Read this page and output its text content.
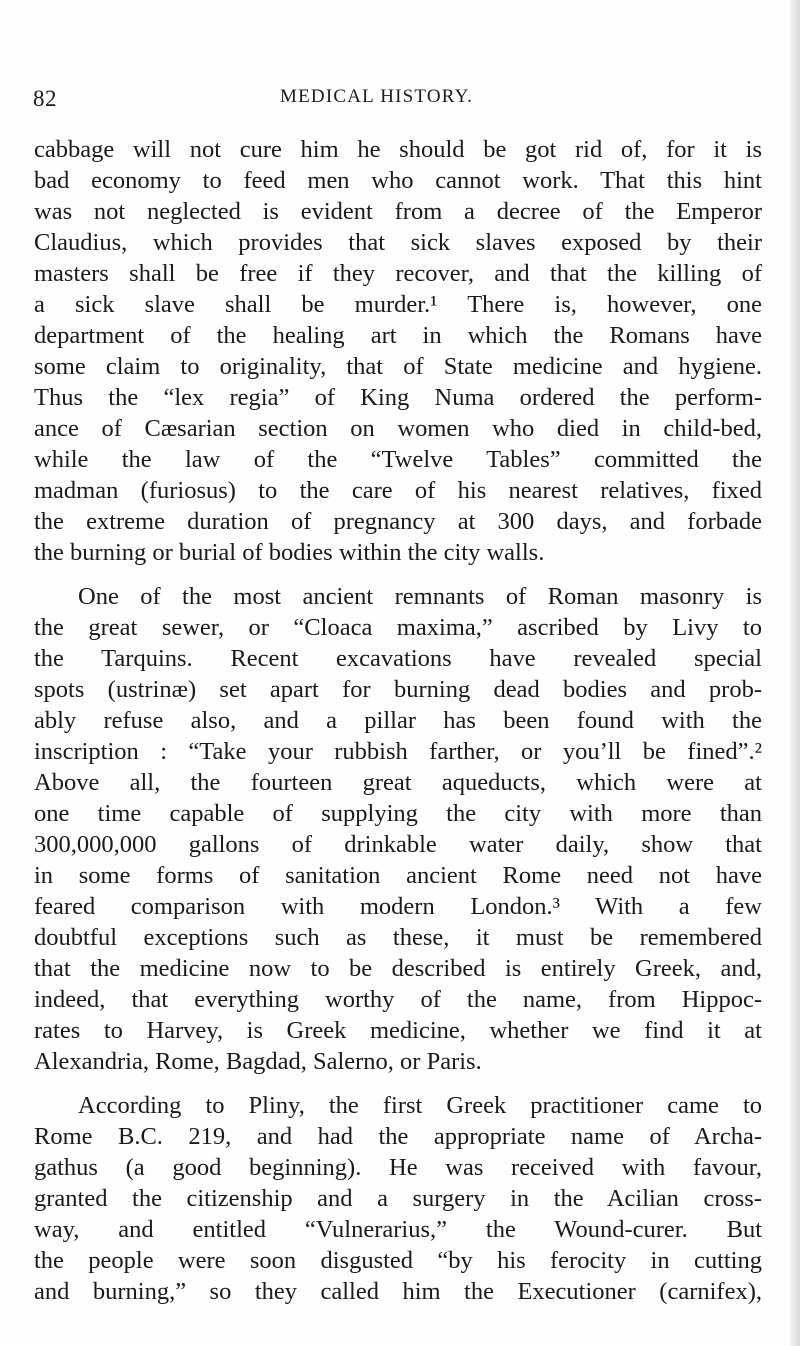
82	MEDICAL HISTORY.
cabbage will not cure him he should be got rid of, for it is
bad economy to feed men who cannot work. That this hint
was not neglected is evident from a decree of the Emperor
Claudius, which provides that sick slaves exposed by their
masters shall be free if they recover, and that the killing of
a sick slave shall be murder.¹ There is, however, one
department of the healing art in which the Romans have
some claim to originality, that of State medicine and hygiene.
Thus the “lex regia” of King Numa ordered the perform-
ance of Cæsarian section on women who died in child-bed,
while the law of the “Twelve Tables” committed the
madman (furiosus) to the care of his nearest relatives, fixed
the extreme duration of pregnancy at 300 days, and forbade
the burning or burial of bodies within the city walls.
One of the most ancient remnants of Roman masonry is
the great sewer, or “Cloaca maxima,” ascribed by Livy to
the Tarquins. Recent excavations have revealed special
spots (ustrinæ) set apart for burning dead bodies and prob-
ably refuse also, and a pillar has been found with the
inscription : “Take your rubbish farther, or you’ll be fined”.²
Above all, the fourteen great aqueducts, which were at
one time capable of supplying the city with more than
300,000,000 gallons of drinkable water daily, show that
in some forms of sanitation ancient Rome need not have
feared comparison with modern London.³ With a few
doubtful exceptions such as these, it must be remembered
that the medicine now to be described is entirely Greek, and,
indeed, that everything worthy of the name, from Hippoc-
rates to Harvey, is Greek medicine, whether we find it at
Alexandria, Rome, Bagdad, Salerno, or Paris.
According to Pliny, the first Greek practitioner came to
Rome B.C. 219, and had the appropriate name of Archa-
gathus (a good beginning). He was received with favour,
granted the citizenship and a surgery in the Acilian cross-
way, and entitled “Vulnerarius,” the Wound-curer. But
the people were soon disgusted “by his ferocity in cutting
and burning,” so they called him the Executioner (carnifex),
